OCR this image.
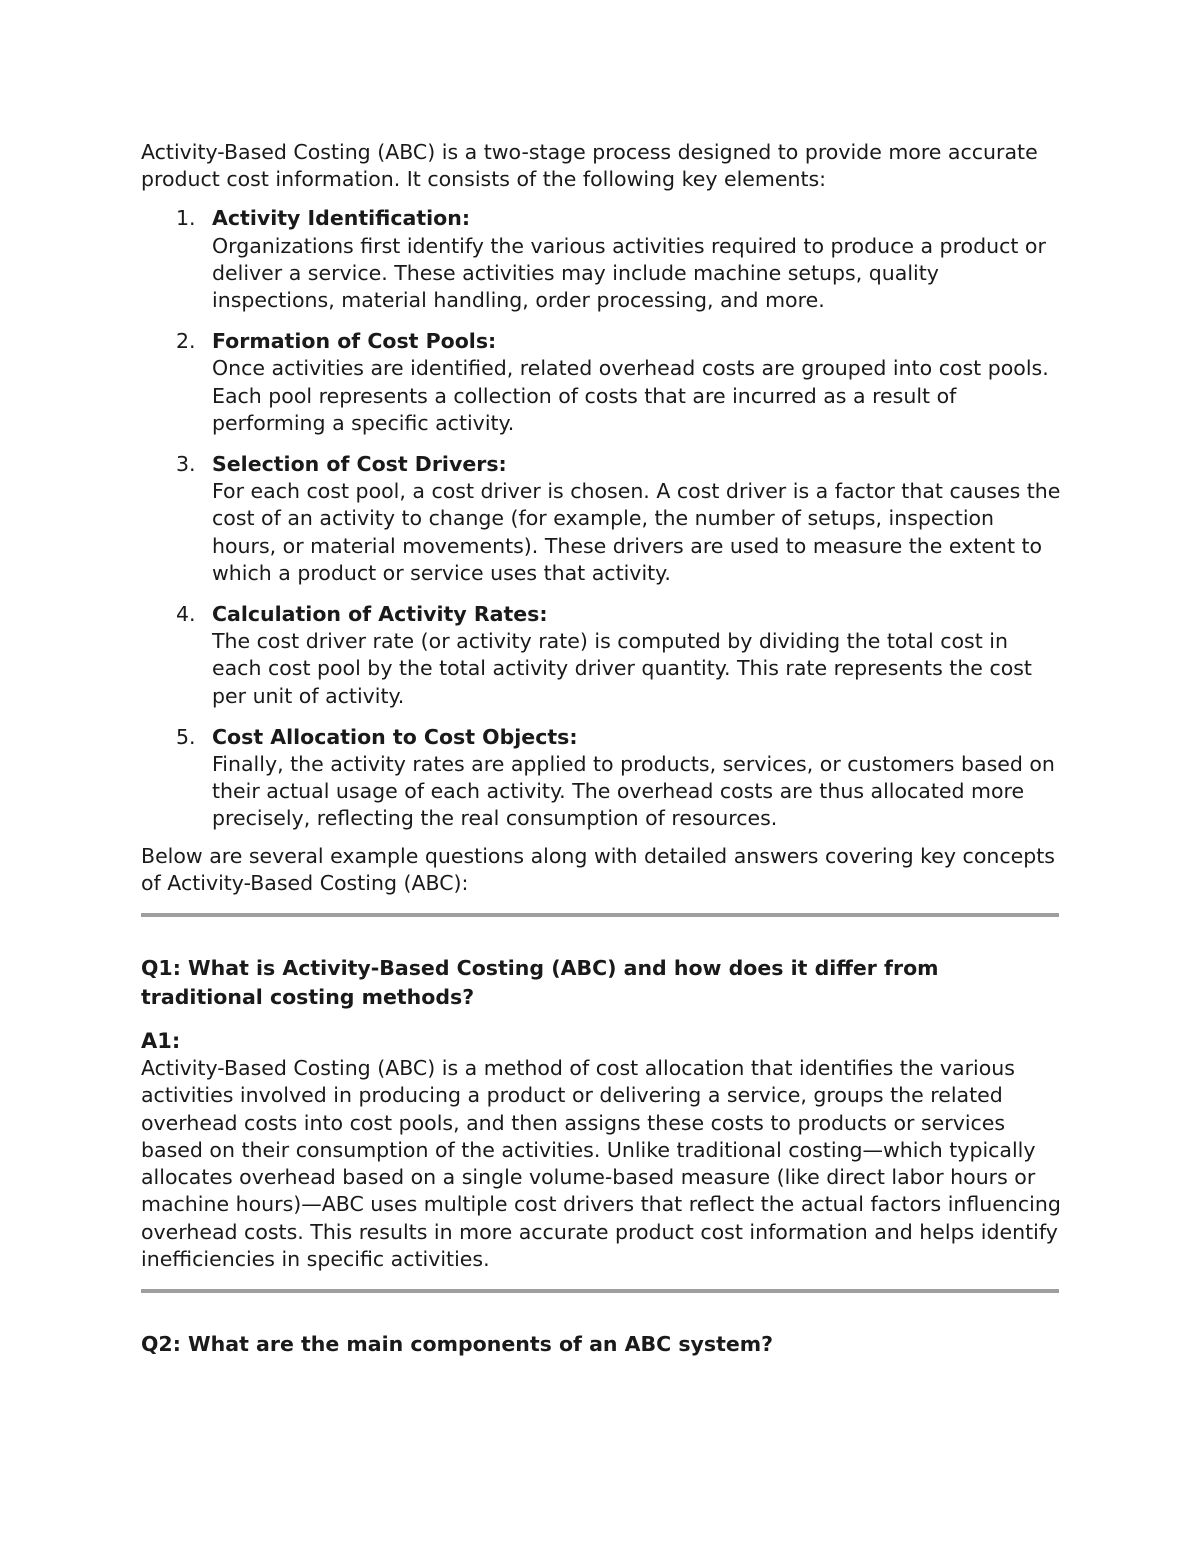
Activity-Based Costing (ABC) is a two-stage process designed to provide more accurate product cost information. It consists of the following key elements:

1. Activity Identification:
Organizations first identify the various activities required to produce a product or deliver a service. These activities may include machine setups, quality inspections, material handling, order processing, and more.
2. Formation of Cost Pools:
Once activities are identified, related overhead costs are grouped into cost pools. Each pool represents a collection of costs that are incurred as a result of performing a specific activity.
3. Selection of Cost Drivers:
For each cost pool, a cost driver is chosen. A cost driver is a factor that causes the cost of an activity to change (for example, the number of setups, inspection hours, or material movements). These drivers are used to measure the extent to which a product or service uses that activity.
4. Calculation of Activity Rates:
The cost driver rate (or activity rate) is computed by dividing the total cost in each cost pool by the total activity driver quantity. This rate represents the cost per unit of activity.
5. Cost Allocation to Cost Objects:
Finally, the activity rates are applied to products, services, or customers based on their actual usage of each activity. The overhead costs are thus allocated more precisely, reflecting the real consumption of resources.

Below are several example questions along with detailed answers covering key concepts of Activity-Based Costing (ABC):

Q1: What is Activity-Based Costing (ABC) and how does it differ from traditional costing methods?

A1:

Activity-Based Costing (ABC) is a method of cost allocation that identifies the various activities involved in producing a product or delivering a service, groups the related overhead costs into cost pools, and then assigns these costs to products or services based on their consumption of the activities. Unlike traditional costing—which typically allocates overhead based on a single volume-based measure (like direct labor hours or machine hours)—ABC uses multiple cost drivers that reflect the actual factors influencing overhead costs. This results in more accurate product cost information and helps identify inefficiencies in specific activities.

Q2: What are the main components of an ABC system?
